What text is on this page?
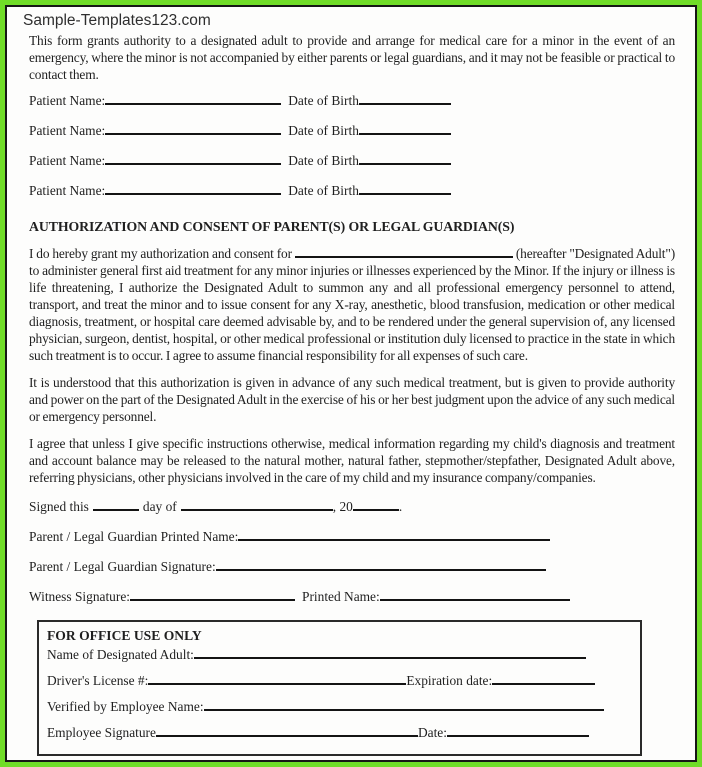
Sample-Templates123.com

This form grants authority to a designated adult to provide and arrange for medical care for a minor in the event of an emergency, where the minor is not accompanied by either parents or legal guardians, and it may not be feasible or practical to contact them.

Patient Name:	Date of Birth
Patient Name:	Date of Birth
Patient Name:	Date of Birth
Patient Name:	Date of Birth
AUTHORIZATION AND CONSENT OF PARENT(S) OR LEGAL GUARDIAN(S)

I do hereby grant my authorization and consent for	(hereafter "Designated Adult") to administer general first aid treatment for any minor injuries or illnesses experienced by the Minor. If the injury or illness is life threatening, I authorize the Designated Adult to summon any and all professional emergency personnel to attend, transport, and treat the minor and to issue consent for any X-ray, anesthetic, blood transfusion, medication or other medical diagnosis, treatment, or hospital care deemed advisable by, and to be rendered under the general supervision of, any licensed physician, surgeon, dentist, hospital, or other medical professional or institution duly licensed to practice in the state in which such treatment is to occur. I agree to assume financial responsibility for all expenses of such care.

It is understood that this authorization is given in advance of any such medical treatment, but is given to provide authority and power on the part of the Designated Adult in the exercise of his or her best judgment upon the advice of any such medical or emergency personnel.

I agree that unless I give specific instructions otherwise, medical information regarding my child's diagnosis and treatment and account balance may be released to the natural mother, natural father, stepmother/stepfather, Designated Adult above, referring physicians, other physicians involved in the care of my child and my insurance company/companies.

Signed this	day of	, 20	.
Parent / Legal Guardian Printed Name:
Parent / Legal Guardian Signature:
Witness Signature:	Printed Name:
FOR OFFICE USE ONLY
Name of Designated Adult:
Driver's License #:	Expiration date:
Verified by Employee Name:
Employee Signature	Date:
